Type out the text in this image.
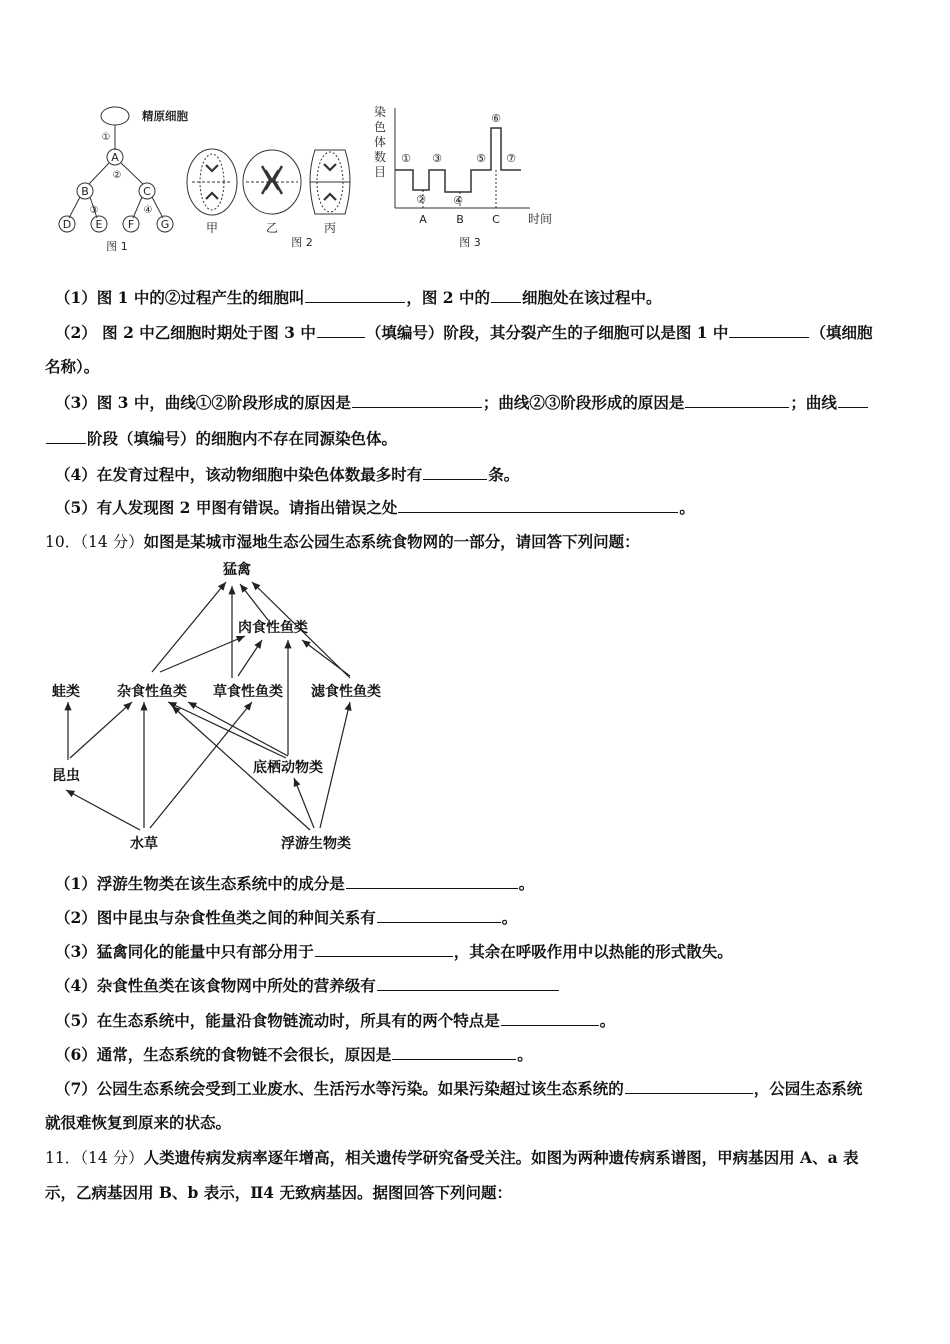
精原细胞
A
B	C
D E F G
①
②
③	④
图 1
甲	乙	丙
图 2
染
色
体
数
目
①
②
③
④
⑤
⑥
⑦
A	B	C 时间
图 3
（1）图 1 中的②过程产生的细胞叫	，图 2 中的 细胞处在该过程中。
（2） 图 2 中乙细胞时期处于图 3 中	（填编号）阶段，其分裂产生的子细胞可以是图 1 中	（填细胞
名称）。
（3）图 3 中，曲线①②阶段形成的原因是	；曲线②③阶段形成的原因是	；曲线
阶段（填编号）的细胞内不存在同源染色体。
（4）在发育过程中，该动物细胞中染色体数最多时有	条。
（5）有人发现图 2 甲图有错误。请指出错误之处	。
10．（14 分）如图是某城市湿地生态公园生态系统食物网的一部分，请回答下列问题：
猛禽
肉食性鱼类
蛙类	杂食性鱼类 草食性鱼类 滤食性鱼类
昆虫	底栖动物类
水草	浮游生物类
（1）浮游生物类在该生态系统中的成分是	。
（2）图中昆虫与杂食性鱼类之间的种间关系有	。
（3）猛禽同化的能量中只有部分用于	，其余在呼吸作用中以热能的形式散失。
（4）杂食性鱼类在该食物网中所处的营养级有
（5）在生态系统中，能量沿食物链流动时，所具有的两个特点是	。
（6）通常，生态系统的食物链不会很长，原因是	。
（7）公园生态系统会受到工业废水、生活污水等污染。如果污染超过该生态系统的	，公园生态系统
就很难恢复到原来的状态。
11．（14 分）人类遗传病发病率逐年增高，相关遗传学研究备受关注。如图为两种遗传病系谱图，甲病基因用 A、a 表
示，乙病基因用 B、b 表示，Ⅱ4 无致病基因。据图回答下列问题：
